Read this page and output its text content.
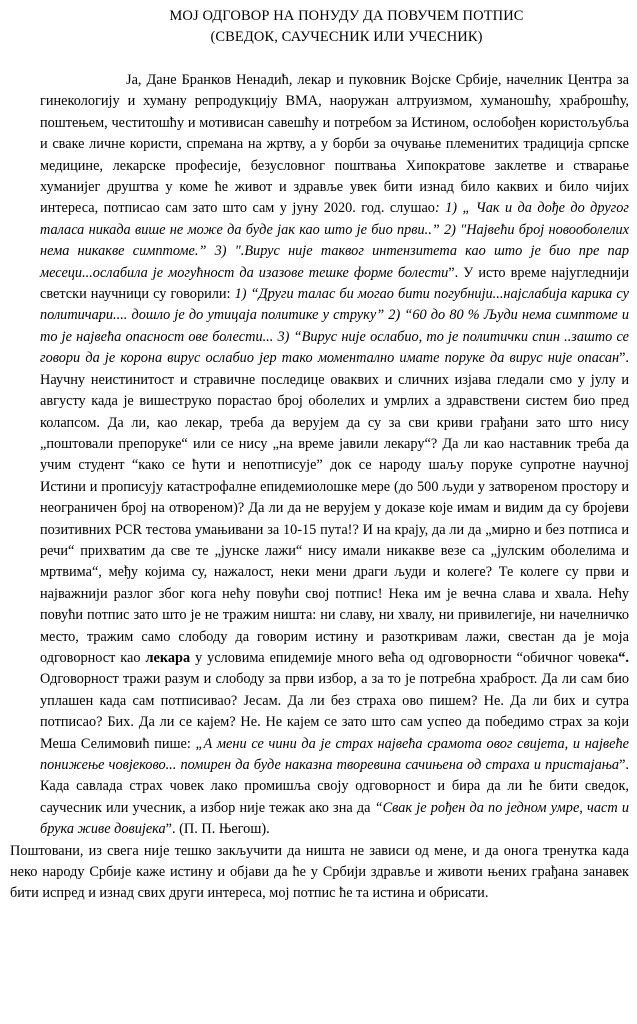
МОЈ ОДГОВОР НА ПОНУДУ ДА ПОВУЧЕМ ПОТПИС
(СВЕДОК, САУЧЕСНИК ИЛИ УЧЕСНИК)

Ја, Дане Бранков Ненадић, лекар и пуковник Војске Србије, начелник Центра за гинекологију и хуману репродукцију ВМА, наоружан алтруизмом, хуманошћу, храброшћу, поштењем, честитошћу и мотивисан савешћу и потребом за Истином, ослобођен користољубља и сваке личне користи, спремана на жртву, а у борби за очување племенитих традиција српске медицине, лекарске професије, безусловног поштвања Хипократове заклетве и стварање хуманијег друштва у коме ће живот и здравље увек бити изнад било каквих и било чијих интереса, потписао сам зато што сам у јуну 2020. год. слушао: 1) „ Чак и да дође до другог таласа никада више не може да буде јак као што је био први..” 2) "Највећи број новооболелих нема никакве симптоме.” 3) ".Вирус није таквог интензитета као што је био пре пар месеци...ослабила је могућност да изазове тешке форме болести”. У исто време најугледнији светски научници су говорили: 1) “Други талас би могао бити погубнији...најслабија карика су политичари.... дошло је до утицаја политике у струку” 2) “60 до 80 % Људи нема симптоме и то је највећа опасност ове болести... 3) “Вирус није ослабио, то је политички спин ..зашто се говори да је корона вирус ослабио јер тако моментално имате поруке да вирус није опасан”. Научну неистинитост и стравичне последице оваквих и сличних изјава гледали смо у јулу и августу када је вишеструко порастао број оболелих и умрлих а здравствени систем био пред колапсом. Да ли, као лекар, треба да верујем да су за сви криви грађани зато што нису „поштовали препоруке“ или се нису „на време јавили лекару“? Да ли као наставник треба да учим студент “како се ћути и непотписује” док се народу шаљу поруке супротне научној Истини и прописују катастрофалне епидемиолошке мере (до 500 људи у затвореном простору и неограничен број на отвореном)? Да ли да не верујем у доказе које имам и видим да су бројеви позитивних PCR тестова умањивани за 10-15 пута!? И на крају, да ли да „мирно и без потписа и речи“ прихватим да све те „јунске лажи“ нису имали никакве везе са „јулским оболелима и мртвима“, међу којима су, нажалост, неки мени драги људи и колеге? Те колеге су први и најважнији разлог због кога нећу повући свој потпис! Нека им је вечна слава и хвала. Нећу повући потпис зато што је не тражим ништа: ни славу, ни хвалу, ни привилегије, ни начелничко место, тражим само слободу да говорим истину и разоткривам лажи, свестан да је моја одговорност као лекара у условима епидемије много већа од одговорности “обичног човека“. Одговорност тражи разум и слободу за први избор, а за то је потребна храброст. Да ли сам био уплашен када сам потписивао? Јесам. Да ли без страха ово пишем? Не. Да ли бих и сутра потписао? Бих. Да ли се кајем? Не. Не кајем се зато што сам успео да победимо страх за који Меша Селимовић пише: „А мени се чини да је страх највећа срамота овог свијета, и највеће понижење човјеково... помирен да буде наказна творевина сачињена од страха и пристајања”. Када савлада страх човек лако промишља своју одговорност и бира да ли ће бити сведок, саучесник или учесник, а избор није тежак ако зна да “Свак је рођен да по једном умре, част и брука живе довијека”. (П. П. Његош).

Поштовани, из свега није тешко закључити да ништа не зависи од мене, и да онога тренутка када неко народу Србије каже истину и објави да ће у Србији здравље и животи њених грађана занавек бити испред и изнад свих други интереса, мој потпис ће та истина и обрисати.
